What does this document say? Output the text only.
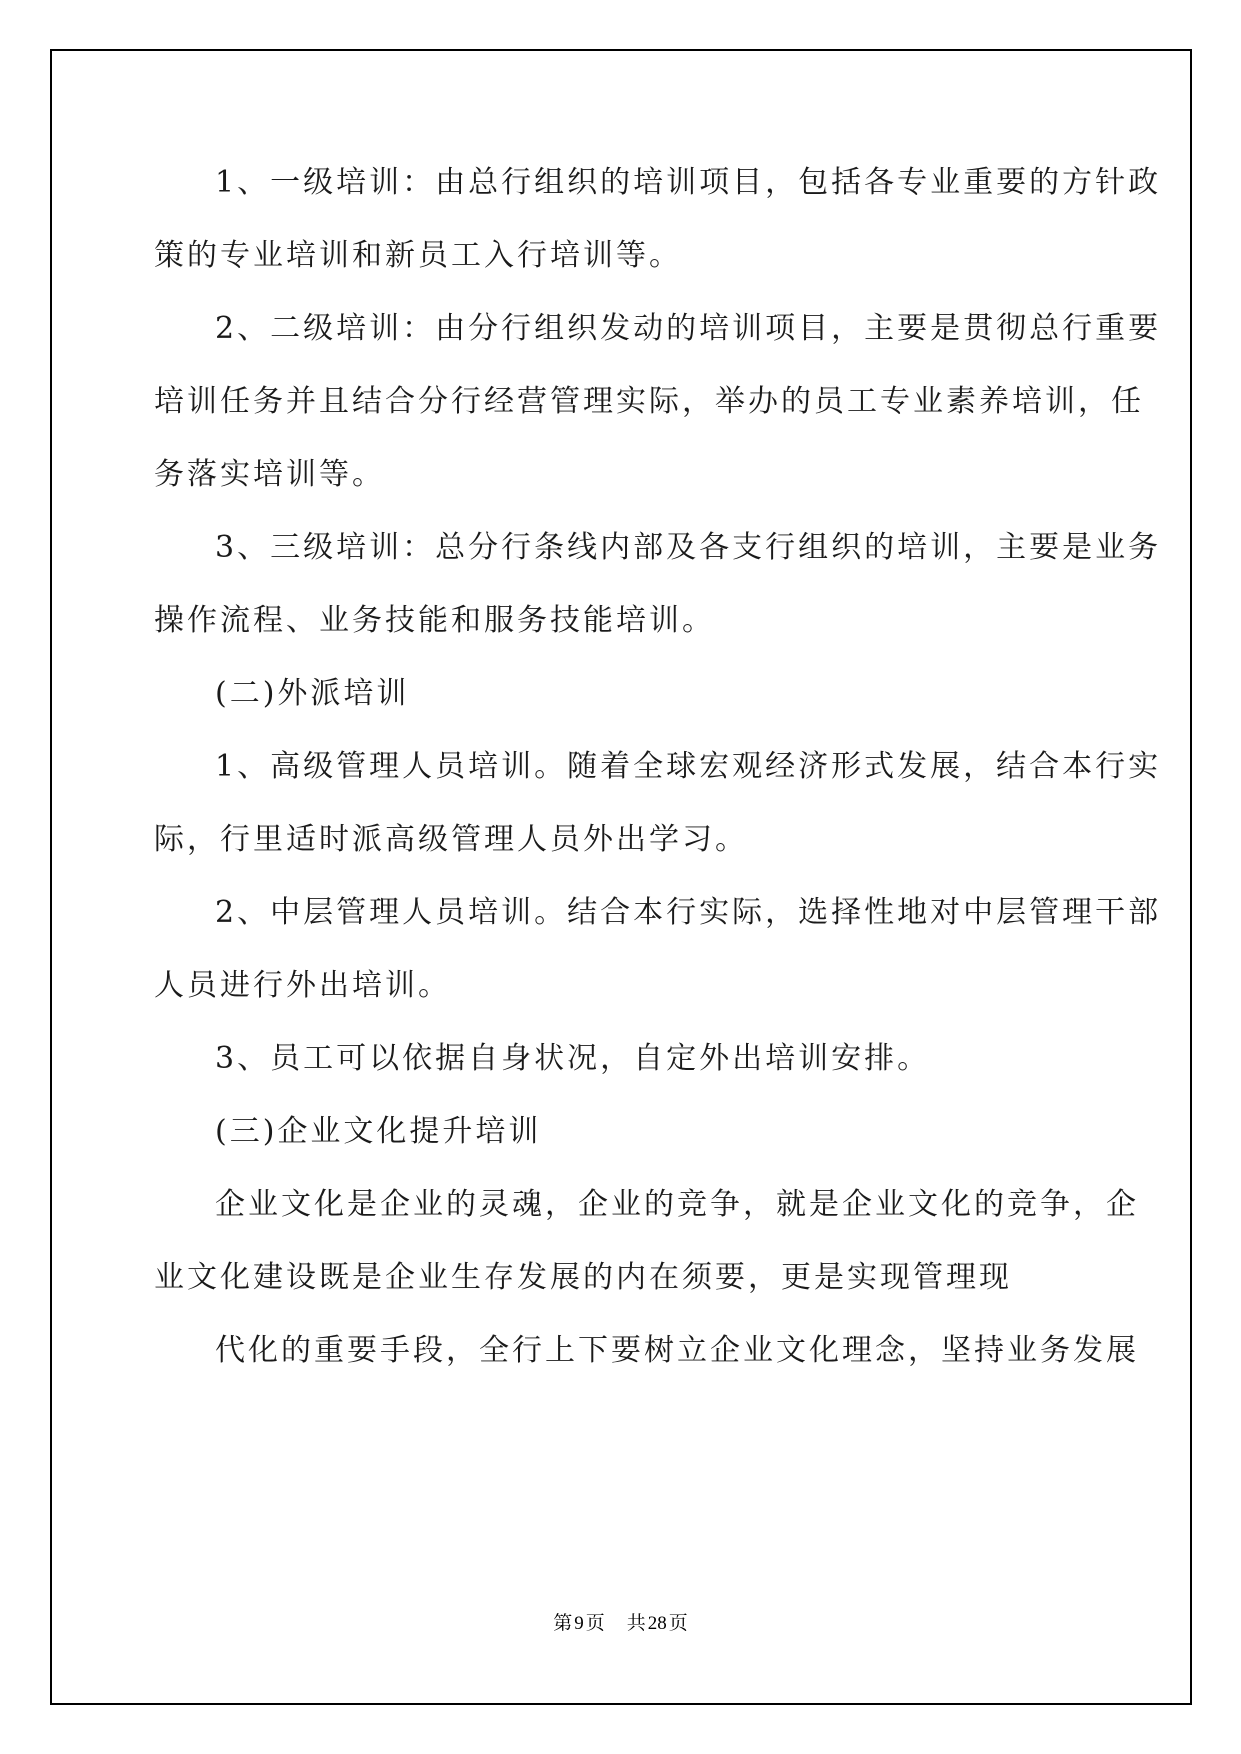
1、一级培训：由总行组织的培训项目，包括各专业重要的方针政
策的专业培训和新员工入行培训等。
2、二级培训：由分行组织发动的培训项目，主要是贯彻总行重要
培训任务并且结合分行经营管理实际，举办的员工专业素养培训，任
务落实培训等。
3、三级培训：总分行条线内部及各支行组织的培训，主要是业务
操作流程、业务技能和服务技能培训。
(二)外派培训
1、高级管理人员培训。随着全球宏观经济形式发展，结合本行实
际，行里适时派高级管理人员外出学习。
2、中层管理人员培训。结合本行实际，选择性地对中层管理干部
人员进行外出培训。
3、员工可以依据自身状况，自定外出培训安排。
(三)企业文化提升培训
企业文化是企业的灵魂，企业的竞争，就是企业文化的竞争，企
业文化建设既是企业生存发展的内在须要，更是实现管理现
代化的重要手段，全行上下要树立企业文化理念，坚持业务发展
第 9 页 共 28 页
